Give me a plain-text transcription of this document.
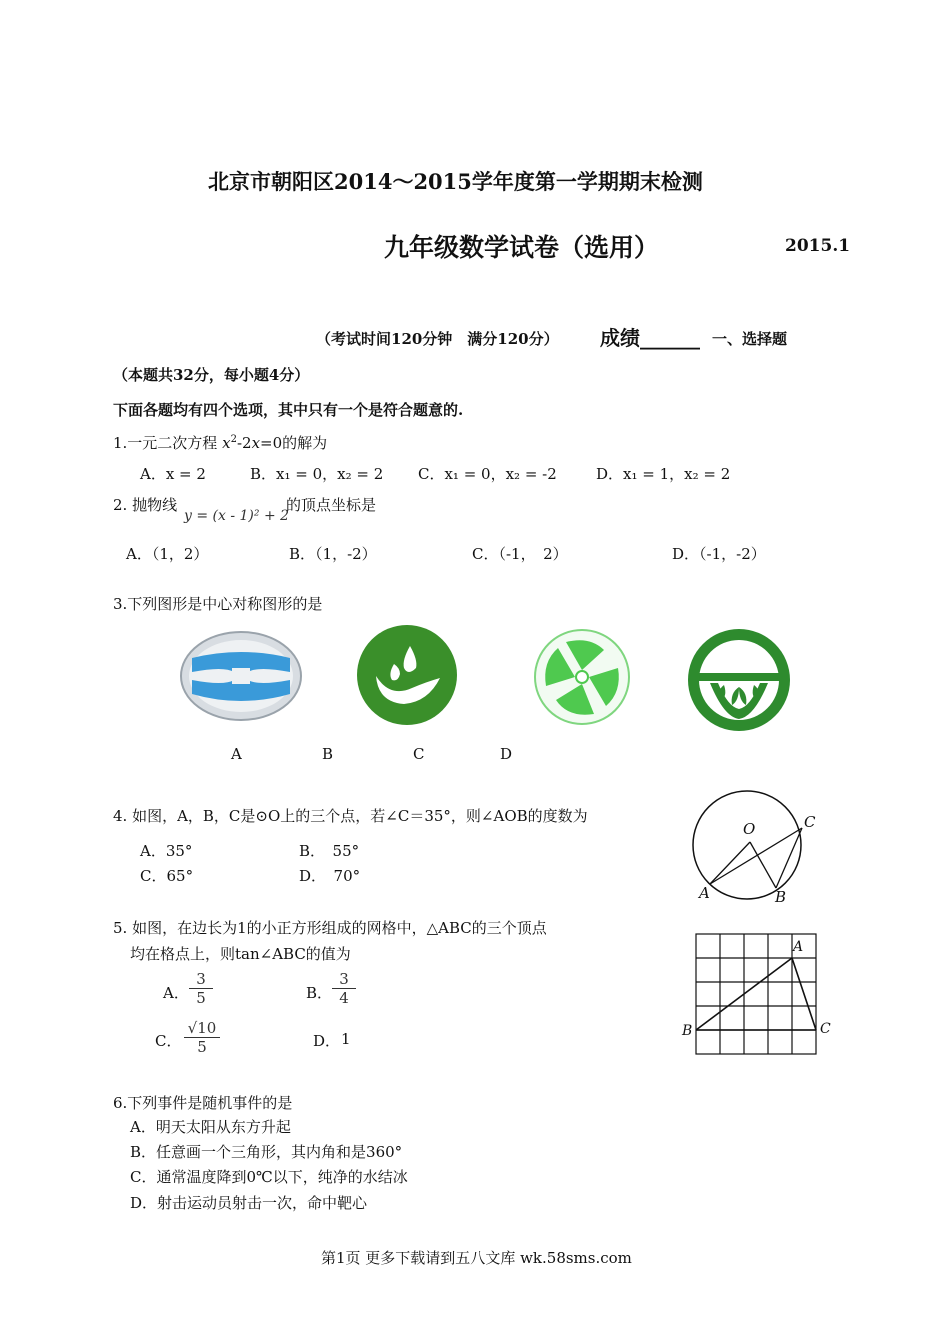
北京市朝阳区2014～2015学年度第一学期期末检测
九年级数学试卷（选用）	2015.1
（考试时间120分钟　满分120分） 成绩______ 一、选择题
（本题共32分，每小题4分）
下面各题均有四个选项，其中只有一个是符合题意的.
1.一元二次方程 $x^2-2x=0$的解为
A．x = 2	B．x₁ = 0，x₂ = 2 C．x₁ = 0，x₂ = -2	D．x₁ = 1，x₂ = 2
2. 抛物线
y = (x - 1)² + 2
的顶点坐标是
A．（1，2）	B．（1，-2）	C．（-1，　2）	D．（-1，-2）
3.下列图形是中心对称图形的是
A	B	C	D
4. 如图，A，B，C是⊙O上的三个点，若∠C＝35°，则∠AOB的度数为
A．35°	B．　55°
C．65°	D．　70°
O	C
A	B
5. 如图，在边长为1的小正方形组成的网格中，△ABC的三个顶点
均在格点上，则tan∠ABC的值为
A． $\frac{3}{5}$	B． $\frac{3}{4}$
C． $\frac{√10}{5}$	D． 1
A
B	C
6.下列事件是随机事件的是
A．明天太阳从东方升起
B．任意画一个三角形，其内角和是360°
C．通常温度降到0℃以下，纯净的水结冰
D．射击运动员射击一次，命中靶心
第1页 更多下载请到五八文库 wk.58sms.com
